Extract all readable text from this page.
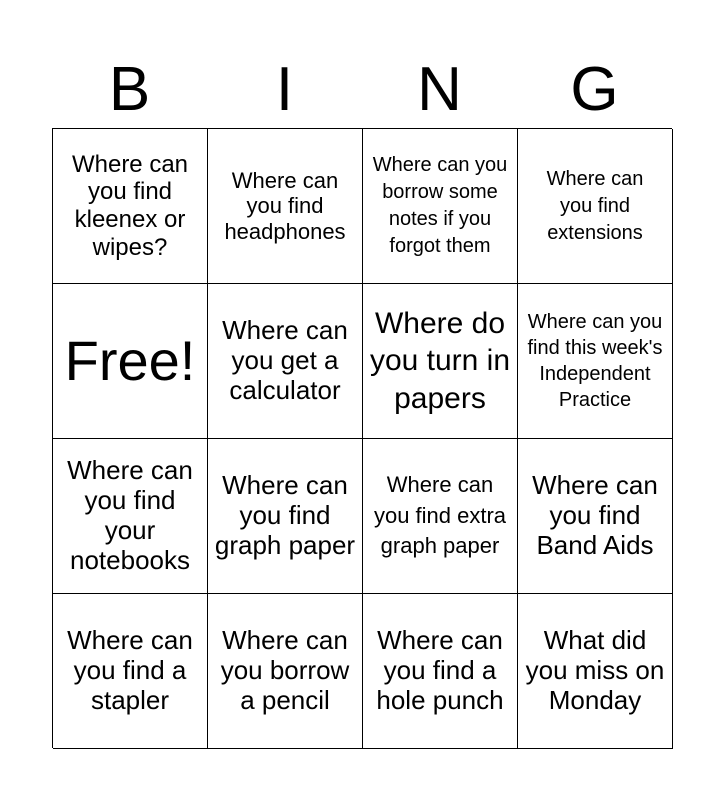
B	I	N	G
Where can you find kleenex or wipes?
Where can you find headphones
Where can you borrow some notes if you forgot them
Where can you find extensions
Free!	Where can you get a calculator
Where do you turn in papers
Where can you find this week's Independent Practice
Where can you find your notebooks
Where can you find graph paper
Where can you find extra graph paper
Where can you find Band Aids
Where can you find a stapler
Where can you borrow a pencil
Where can you find a hole punch
What did you miss on Monday
